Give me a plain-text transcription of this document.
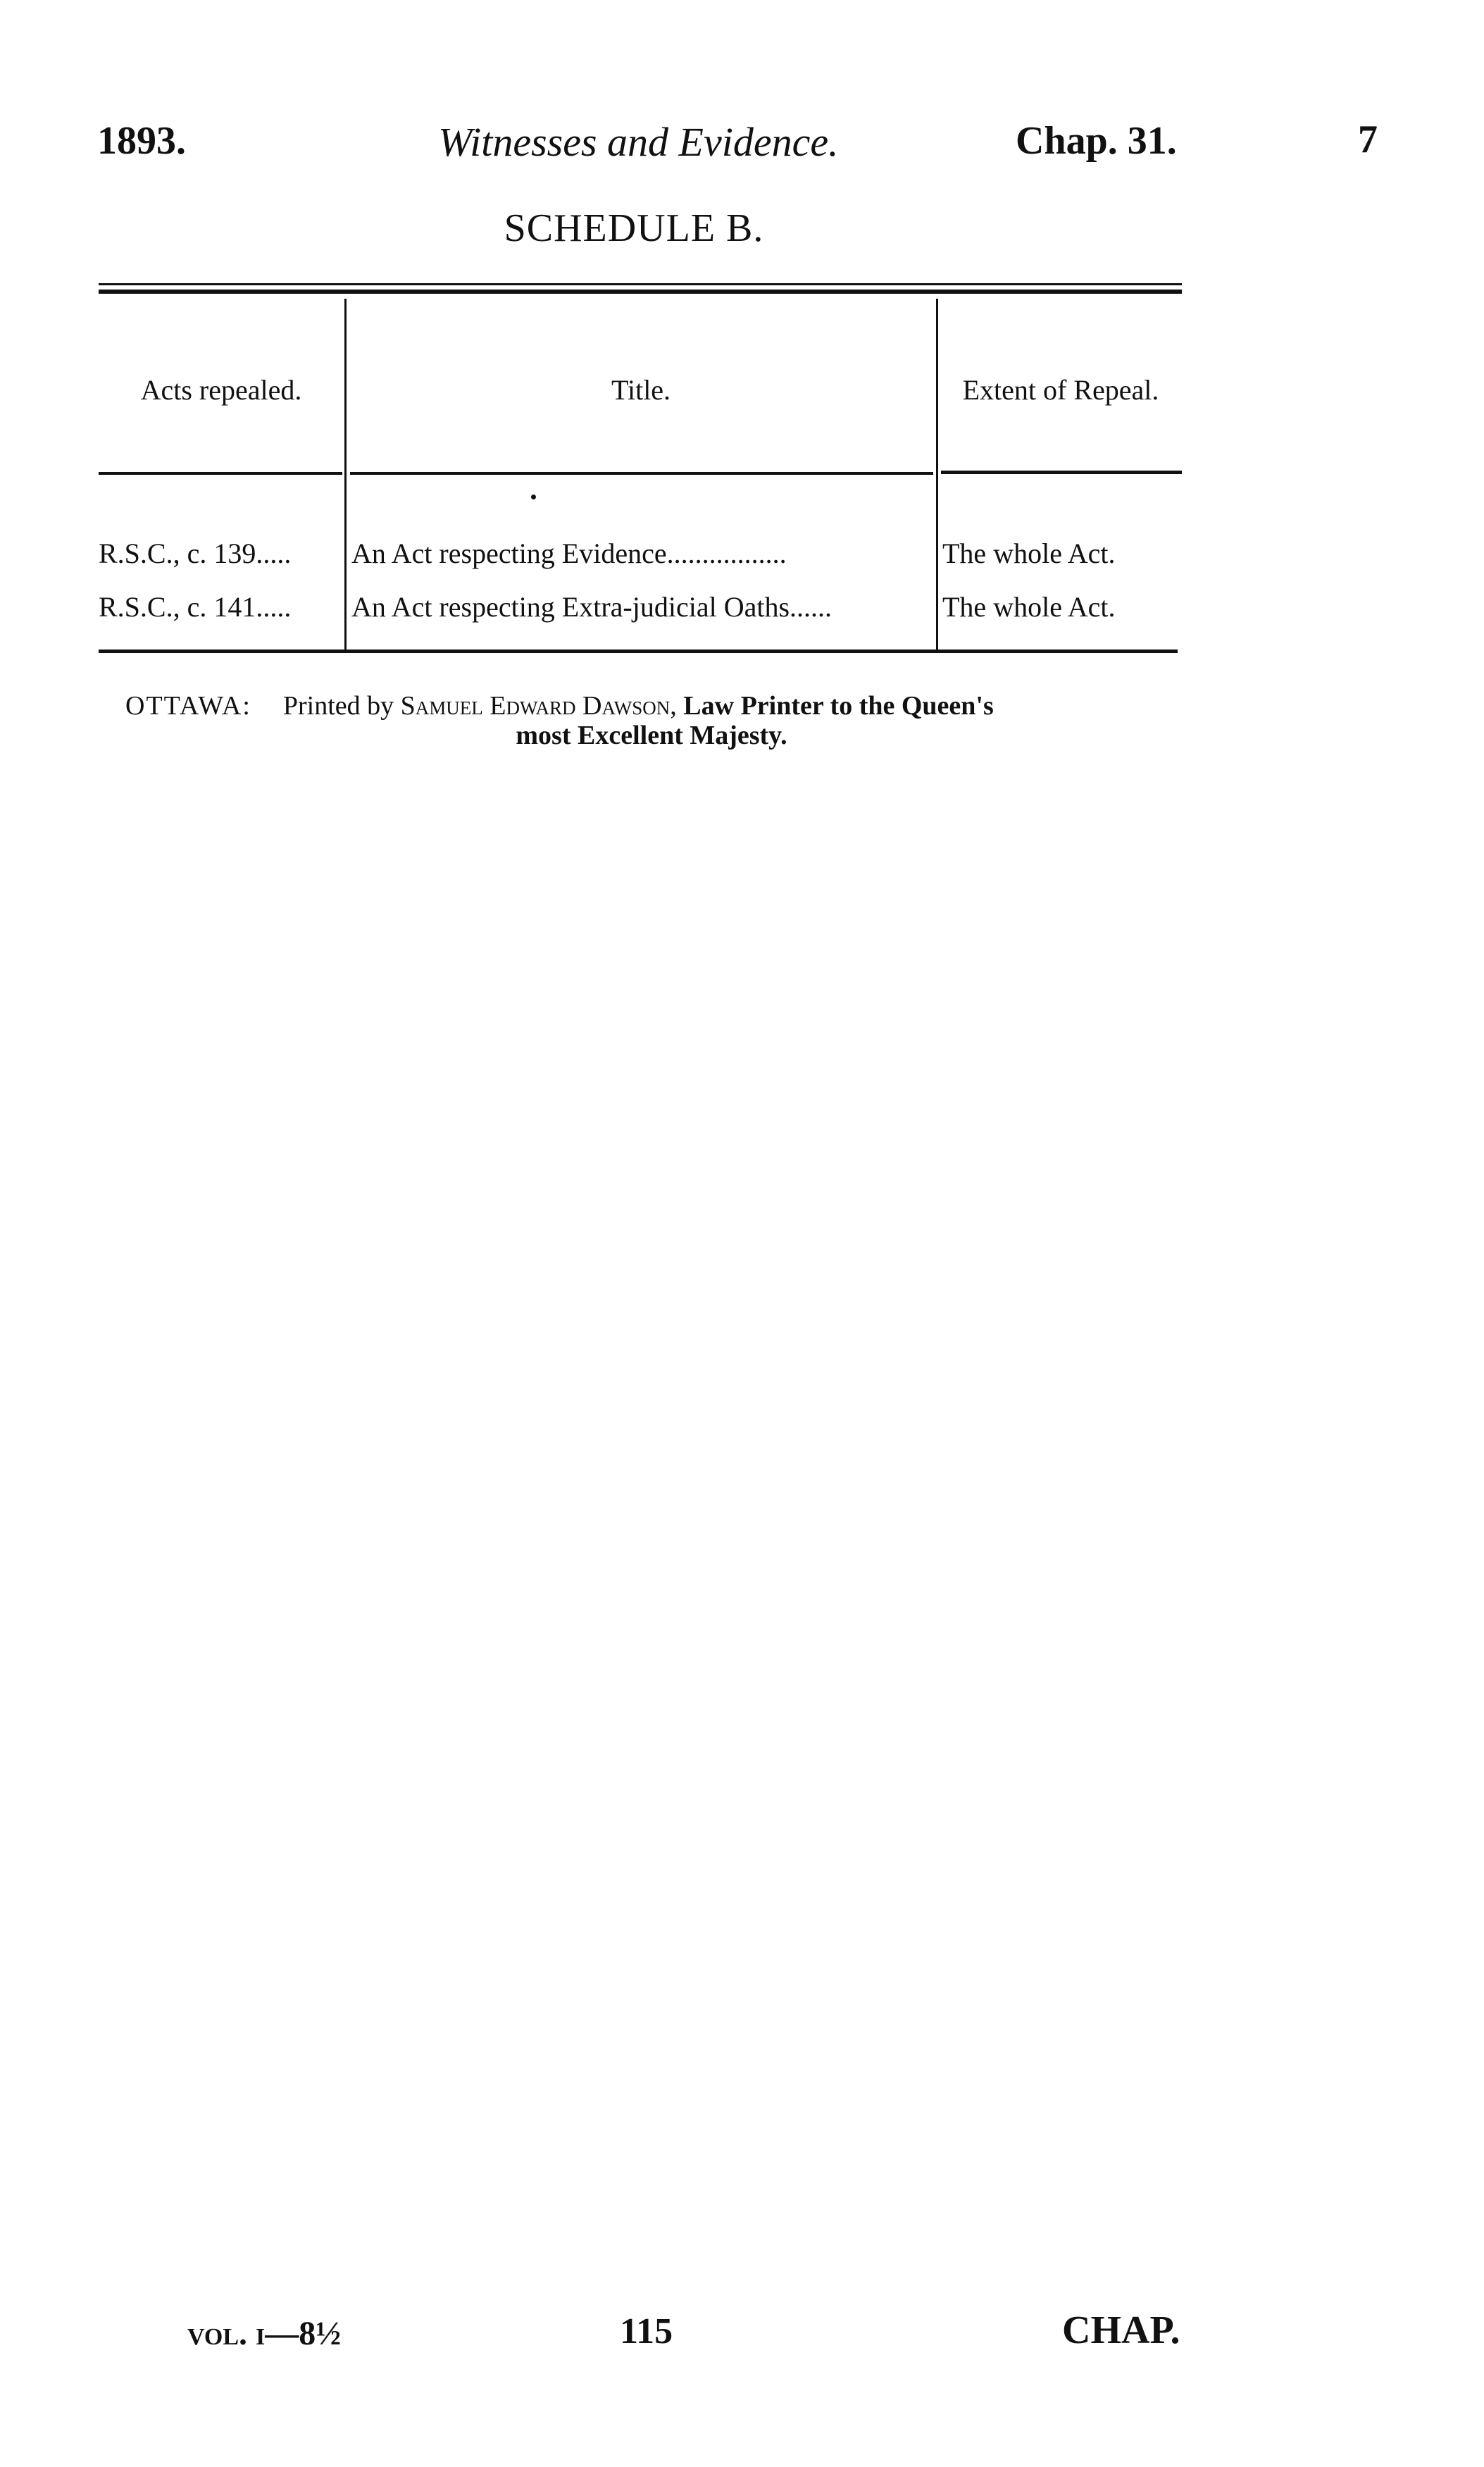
1893.	Witnesses and Evidence.	Chap. 31.	7
SCHEDULE B.
Acts repealed.	Title.	Extent of Repeal.
R.S.C., c. 139.....	An Act respecting Evidence.................	The whole Act.
R.S.C., c. 141.....	An Act respecting Extra-judicial Oaths......	The whole Act.
OTTAWA: Printed by Samuel Edward Dawson, Law Printer to the Queen's
most Excellent Majesty.
vol. i—8½	115	CHAP.
